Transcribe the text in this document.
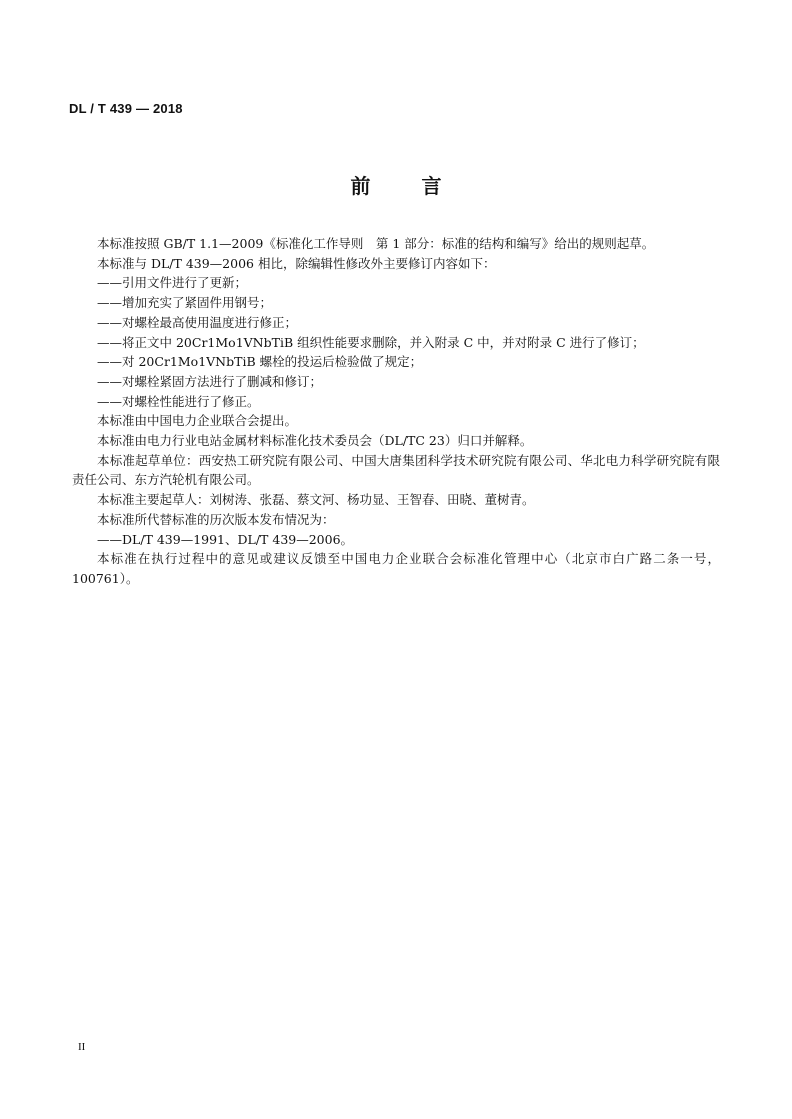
DL / T 439 — 2018
前 言

本标准按照 GB/T 1.1—2009《标准化工作导则　第 1 部分：标准的结构和编写》给出的规则起草。

本标准与 DL/T 439—2006 相比，除编辑性修改外主要修订内容如下：

——引用文件进行了更新；

——增加充实了紧固件用钢号；

——对螺栓最高使用温度进行修正；

——将正文中 20Cr1Mo1VNbTiB 组织性能要求删除，并入附录 C 中，并对附录 C 进行了修订；

——对 20Cr1Mo1VNbTiB 螺栓的投运后检验做了规定；

——对螺栓紧固方法进行了删减和修订；

——对螺栓性能进行了修正。

本标准由中国电力企业联合会提出。

本标准由电力行业电站金属材料标准化技术委员会（DL/TC 23）归口并解释。

本标准起草单位：西安热工研究院有限公司、中国大唐集团科学技术研究院有限公司、华北电力科学研究院有限责任公司、东方汽轮机有限公司。

本标准主要起草人：刘树涛、张磊、蔡文河、杨功显、王智春、田晓、董树青。

本标准所代替标准的历次版本发布情况为：

——DL/T 439—1991、DL/T 439—2006。

本标准在执行过程中的意见或建议反馈至中国电力企业联合会标准化管理中心（北京市白广路二条一号，100761）。

II
